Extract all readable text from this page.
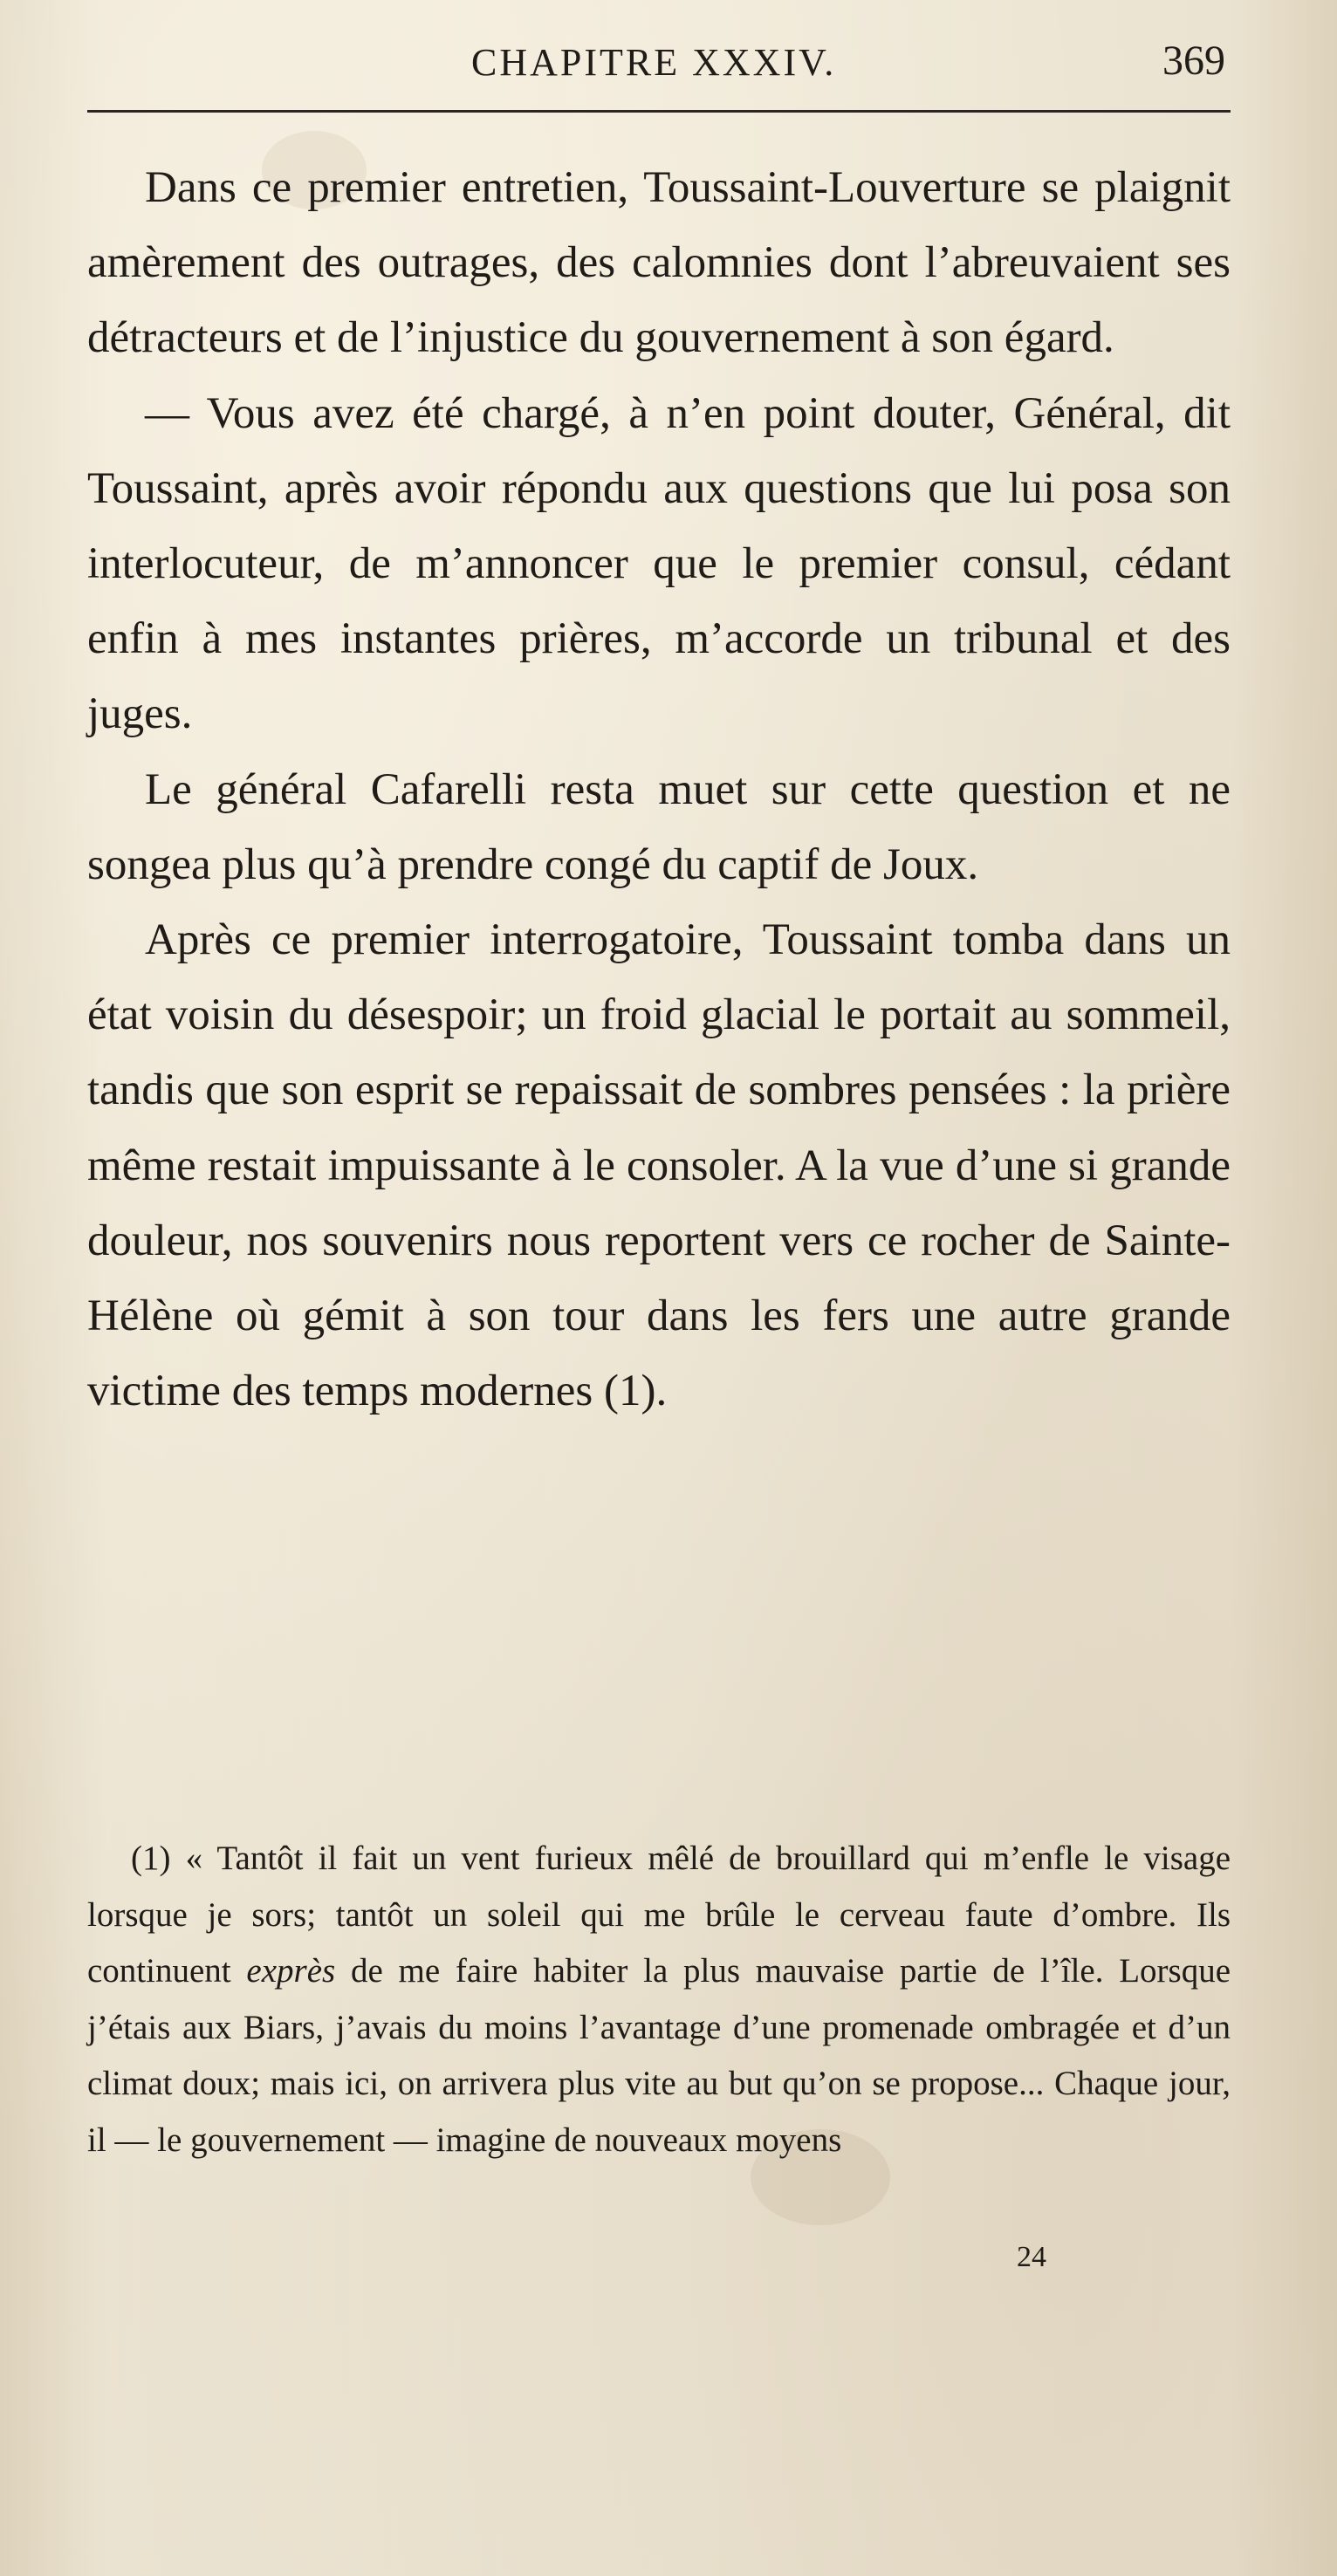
CHAPITRE XXXIV.	369

Dans ce premier entretien, Toussaint-Louverture se plaignit amèrement des outrages, des calomnies dont l’abreuvaient ses détracteurs et de l’injustice du gouvernement à son égard.

— Vous avez été chargé, à n’en point douter, Général, dit Toussaint, après avoir répondu aux questions que lui posa son interlocuteur, de m’annoncer que le premier consul, cédant enfin à mes instantes prières, m’accorde un tribunal et des juges.

Le général Cafarelli resta muet sur cette question et ne songea plus qu’à prendre congé du captif de Joux.

Après ce premier interrogatoire, Toussaint tomba dans un état voisin du désespoir; un froid glacial le portait au sommeil, tandis que son esprit se repaissait de sombres pensées : la prière même restait impuissante à le consoler. A la vue d’une si grande douleur, nos souvenirs nous reportent vers ce rocher de Sainte-Hélène où gémit à son tour dans les fers une autre grande victime des temps modernes (1).

(1) « Tantôt il fait un vent furieux mêlé de brouillard qui m’enfle le visage lorsque je sors; tantôt un soleil qui me brûle le cerveau faute d’ombre. Ils continuent exprès de me faire habiter la plus mauvaise partie de l’île. Lorsque j’étais aux Biars, j’avais du moins l’avantage d’une promenade ombragée et d’un climat doux; mais ici, on arrivera plus vite au but qu’on se propose... Chaque jour, il — le gouvernement — imagine de nouveaux moyens

24
